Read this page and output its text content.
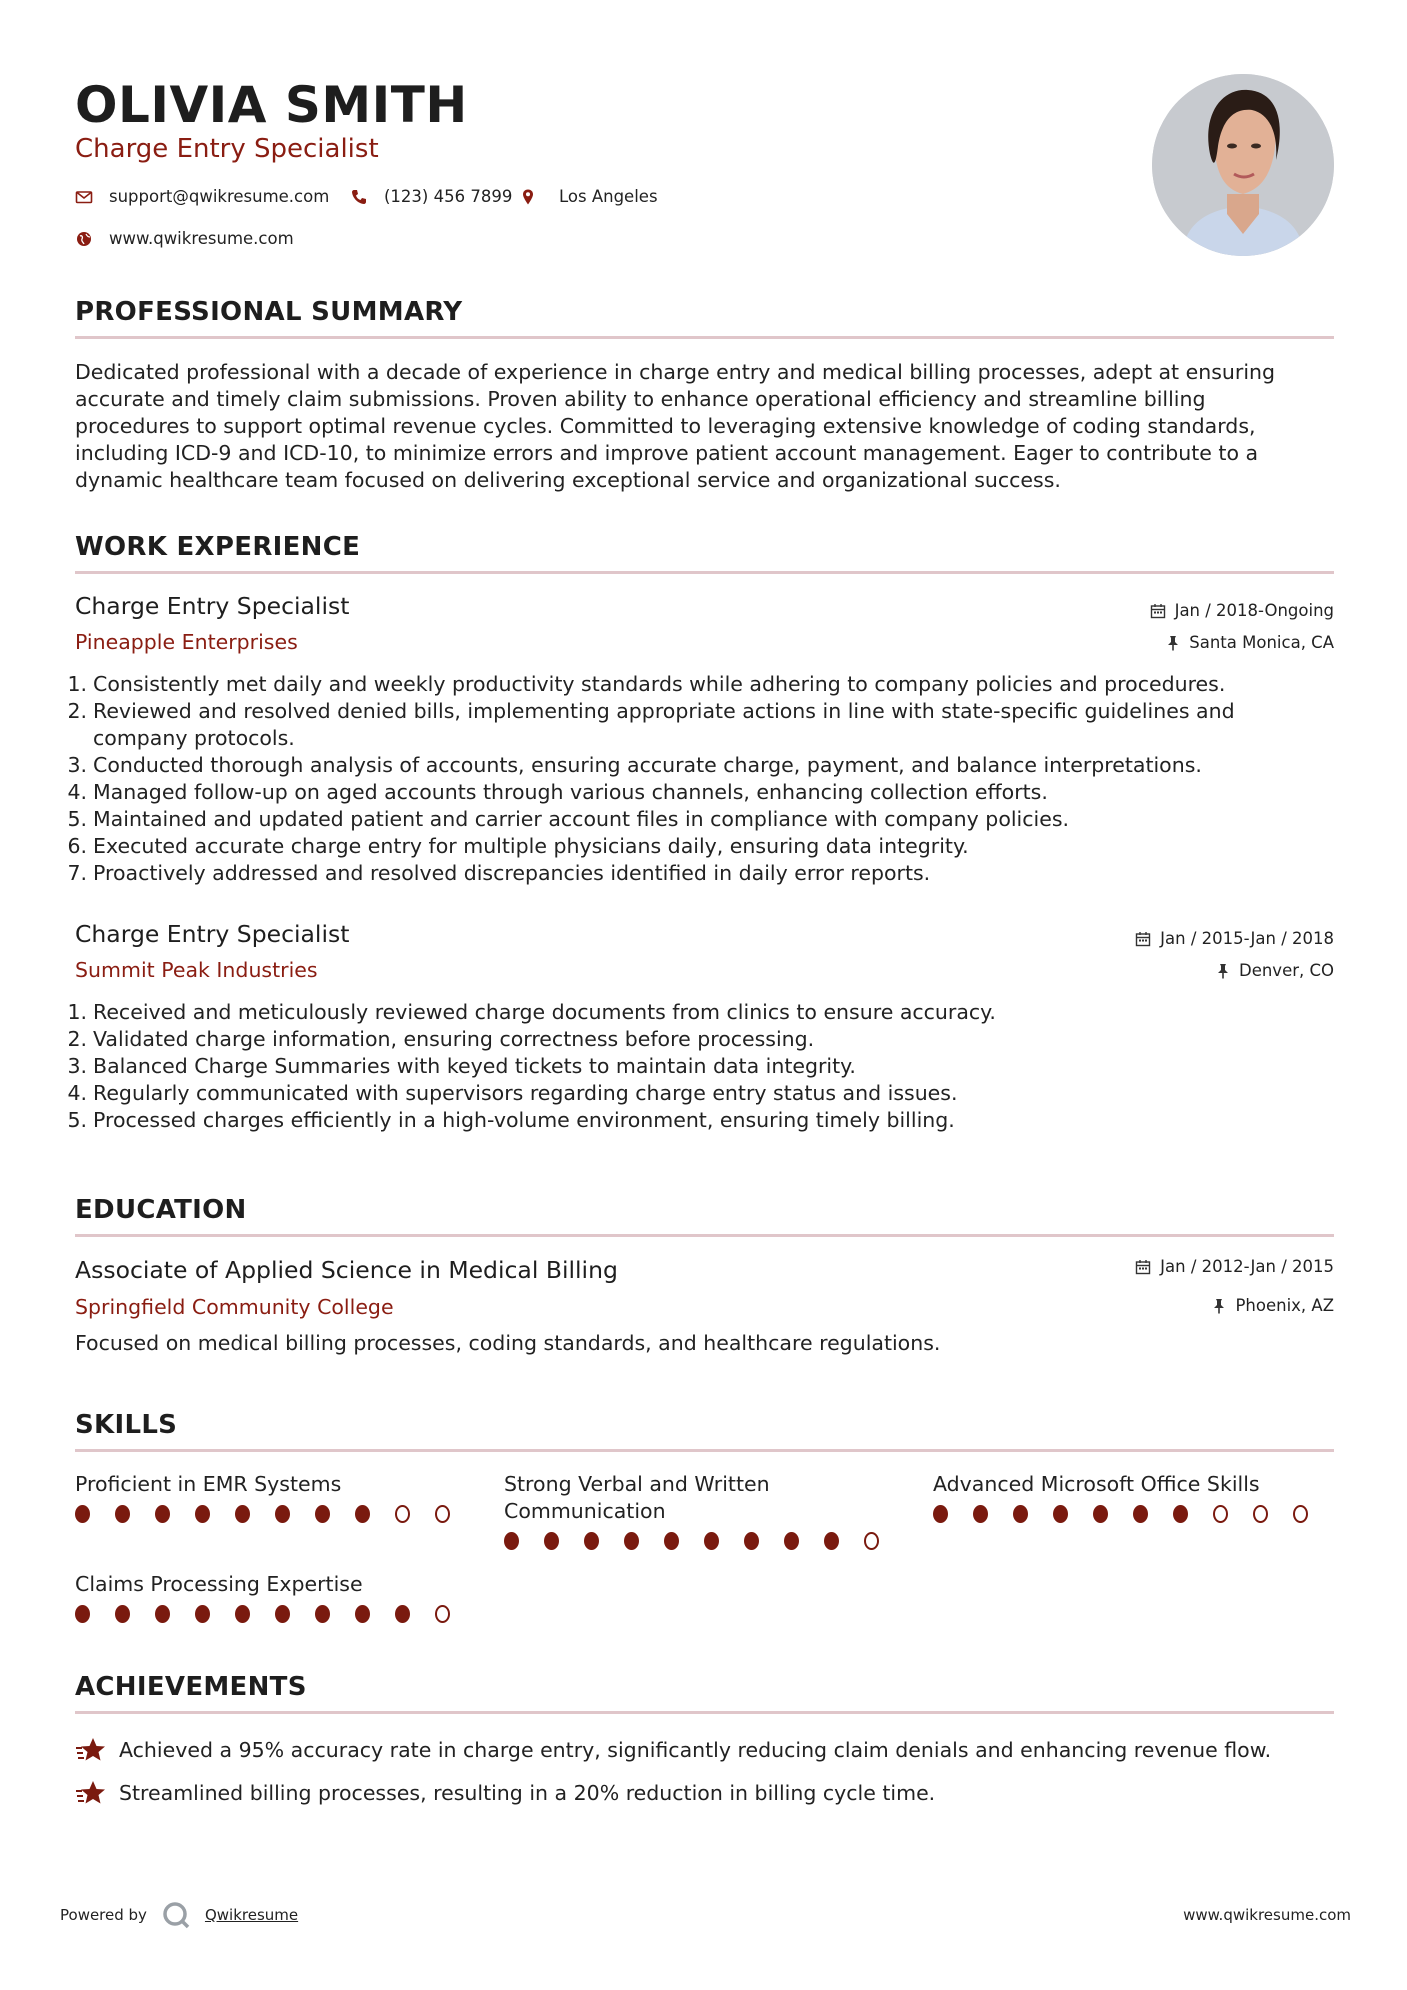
OLIVIA SMITH
Charge Entry Specialist
support@qwikresume.com	(123) 456 7899	Los Angeles
www.qwikresume.com
PROFESSIONAL SUMMARY
Dedicated professional with a decade of experience in charge entry and medical billing processes, adept at ensuring
accurate and timely claim submissions. Proven ability to enhance operational efficiency and streamline billing
procedures to support optimal revenue cycles. Committed to leveraging extensive knowledge of coding standards,
including ICD-9 and ICD-10, to minimize errors and improve patient account management. Eager to contribute to a
dynamic healthcare team focused on delivering exceptional service and organizational success.
WORK EXPERIENCE
Charge Entry Specialist
Pineapple Enterprises
Jan / 2018-Ongoing
Santa Monica, CA
1. Consistently met daily and weekly productivity standards while adhering to company policies and procedures.
2. Reviewed and resolved denied bills, implementing appropriate actions in line with state-specific guidelines and
company protocols.
3. Conducted thorough analysis of accounts, ensuring accurate charge, payment, and balance interpretations.
4. Managed follow-up on aged accounts through various channels, enhancing collection efforts.
5. Maintained and updated patient and carrier account files in compliance with company policies.
6. Executed accurate charge entry for multiple physicians daily, ensuring data integrity.
7. Proactively addressed and resolved discrepancies identified in daily error reports.
Charge Entry Specialist
Summit Peak Industries
Jan / 2015-Jan / 2018
Denver, CO
1. Received and meticulously reviewed charge documents from clinics to ensure accuracy.
2. Validated charge information, ensuring correctness before processing.
3. Balanced Charge Summaries with keyed tickets to maintain data integrity.
4. Regularly communicated with supervisors regarding charge entry status and issues.
5. Processed charges efficiently in a high-volume environment, ensuring timely billing.
EDUCATION
Associate of Applied Science in Medical Billing
Springfield Community College
Jan / 2012-Jan / 2015
Phoenix, AZ
Focused on medical billing processes, coding standards, and healthcare regulations.
SKILLS
Proficient in EMR Systems	Strong Verbal and Written
Communication
Advanced Microsoft Office Skills
Claims Processing Expertise
ACHIEVEMENTS
Achieved a 95% accuracy rate in charge entry, significantly reducing claim denials and enhancing revenue flow.
Streamlined billing processes, resulting in a 20% reduction in billing cycle time.
Powered by	Qwikresume	www.qwikresume.com
